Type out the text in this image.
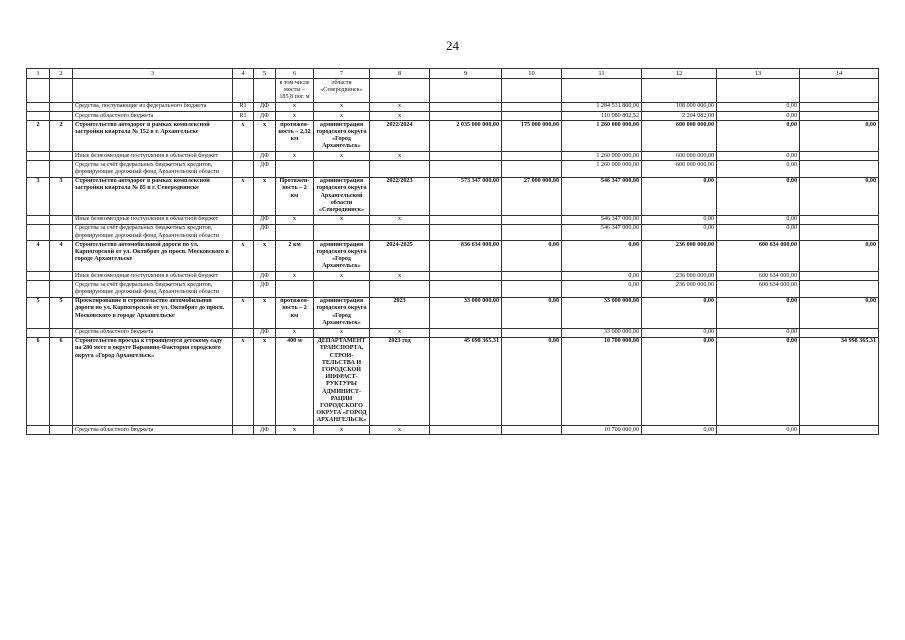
24
1	2	3	4	5	6	7	8	9	10	11	12	13	14
					в том числе мосты – 185,8 пог. м	области «Северодвинск»							
		Средства, поступающие из федерального бюджета	R1	ДФ	х	х	х			1 284 531 800,00	108 000 000,00	0,00	
		Средства областного бюджета	R1	ДФ	х	х	х			110 080 802,52	2 204 082,00	0,00	
2	2	Строительство автодорог в рамках комплексной застройки квартала № 152 в г. Архангельске	х	х	протяжен-ность – 2,32 км	администрация городского округа «Город Архангельск»	2022/2024	2 035 000 000,00	175 000 000,00	1 260 000 000,00	600 000 000,00	0,00	0,00
		Иные безвозмездные поступления в областной бюджет		ДФ	х	х	х			1 260 000 000,00	600 000 000,00	0,00	
		Средства за счёт федеральных бюджетных кредитов, формирующие дорожный фонд Архангельской области		ДФ						1 260 000 000,00	600 000 000,00	0,00	
3	3	Строительство автодорог в рамках комплексной застройки квартала № 85 в г. Северодвинске	х	х	Протяжен-ность – 2 км	администрация городского округа Архангельской области «Северодвинск»	2022/2023	573 347 000,00	27 000 000,00	546 347 000,00	0,00	0,00	0,00
		Иные безвозмездные поступления в областной бюджет		ДФ	х	х	х			546 347 000,00	0,00	0,00	
		Средства за счёт федеральных бюджетных кредитов, формирующие дорожный фонд Архангельской области		ДФ						546 347 000,00	0,00	0,00	
4	4	Строительство автомобильной дороги по ул. Карпогорской от ул. Октябрят до просп. Московского в городе Архангельске	х	х	2 км	администрация городского округа «Город Архангельск»	2024-2025	836 634 000,00	0,00	0,00	236 000 000,00	600 634 000,00	0,00
		Иные безвозмездные поступления в областной бюджет		ДФ	х	х	х			0,00	236 000 000,00	600 634 000,00	
		Средства за счёт федеральных бюджетных кредитов, формирующие дорожный фонд Архангельской области		ДФ						0,00	236 000 000,00	600 634 000,00	
5	5	Проектирование и строительство автомобильной дороги по ул. Карпогорской от ул. Октябрят до просп. Московского в городе Архангельске	х	х	протяжен-ность – 2 км	администрация городского округа «Город Архангельск»	2023	33 000 000,00	0,00	33 000 000,00	0,00	0,00	0,00
		Средства областного бюджета		ДФ	х	х	х			33 000 000,00	0,00	0,00	
6	6	Строительство проезда к строящемуся детскому саду на 280 мест в округе Варавино-Фактория городского округа «Город Архангельск»	х	х	400 м	ДЕПАРТАМЕНТ ТРАНСПОРТА, СТРОИ-ТЕЛЬСТВА И ГОРОДСКОЙ ИНФРАСТ-РУКТУРЫ АДМИНИСТ-РАЦИИ ГОРОДСКОГО ОКРУГА «ГОРОД АРХАНГЕЛЬСК»	2023 год	45 698 365,31	0,00	10 700 000,00	0,00	0,00	34 998 365,31
		Средства областного бюджета		ДФ	х	х	х			10 700 000,00	0,00	0,00	
